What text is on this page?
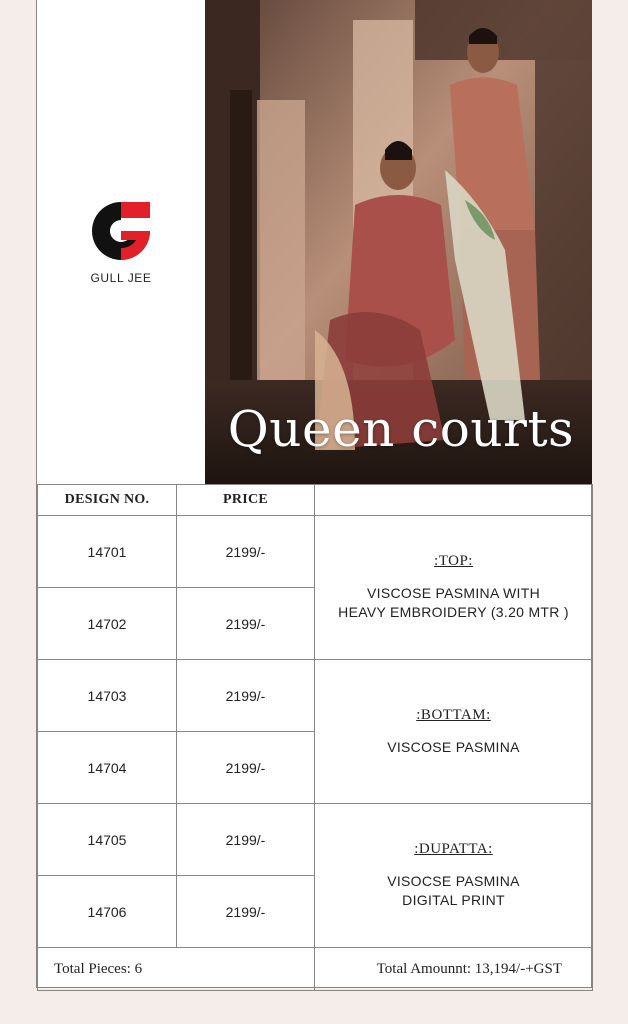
GULL JEE
Queen courts
DESIGN NO.	PRICE	
14701	2199/-	:TOP:
VISCOSE PASMINA WITH
HEAVY EMBROIDERY (3.20 MTR )

14702	2199/-	
14703	2199/-	:BOTTAM:
VISCOSE PASMINA

14704	2199/-	
14705	2199/-	:DUPATTA:
VISOCSE PASMINA
DIGITAL PRINT

14706	2199/-	
Total Pieces: 6		Total Amounnt: 13,194/-+GST
